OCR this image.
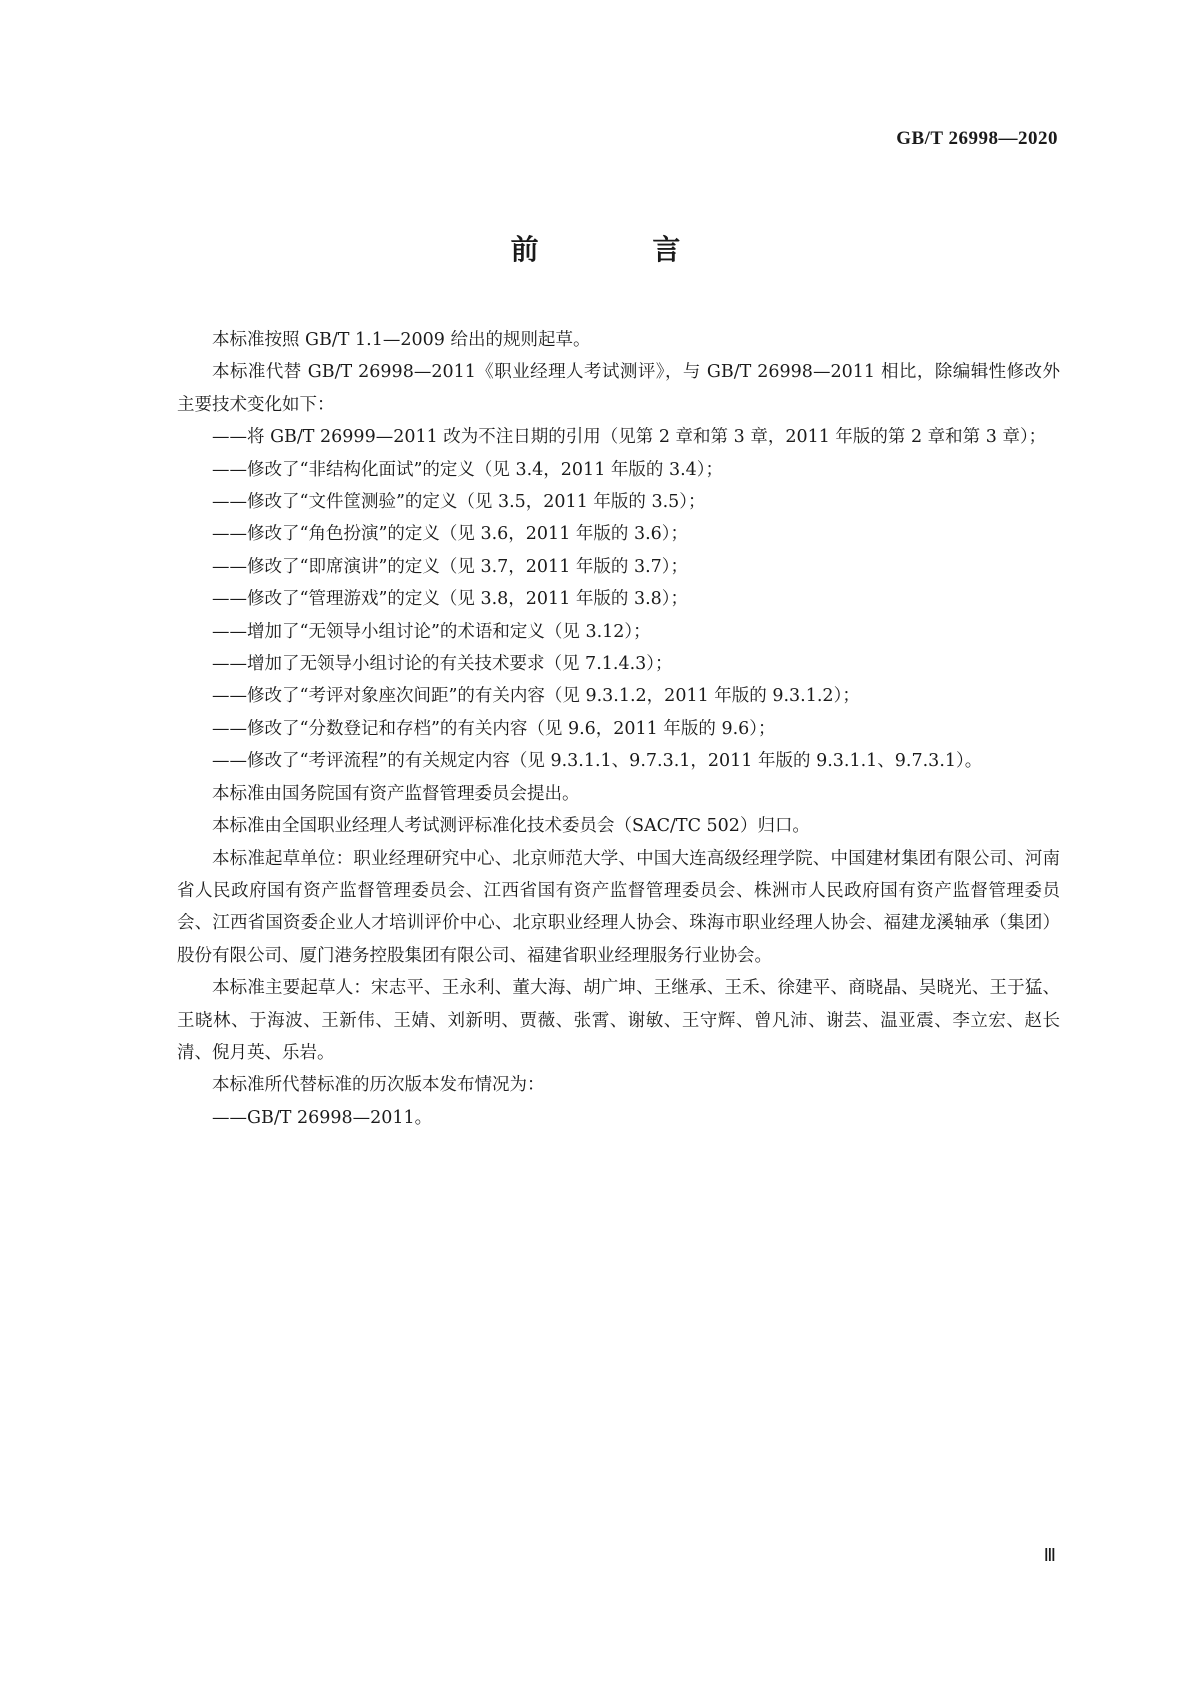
GB/T 26998—2020
前 言

本标准按照 GB/T 1.1—2009 给出的规则起草。

本标准代替 GB/T 26998—2011《职业经理人考试测评》，与 GB/T 26998—2011 相比，除编辑性修改外主要技术变化如下：

——将 GB/T 26999—2011 改为不注日期的引用（见第 2 章和第 3 章，2011 年版的第 2 章和第 3 章）；

——修改了“非结构化面试”的定义（见 3.4，2011 年版的 3.4）；

——修改了“文件筐测验”的定义（见 3.5，2011 年版的 3.5）；

——修改了“角色扮演”的定义（见 3.6，2011 年版的 3.6）；

——修改了“即席演讲”的定义（见 3.7，2011 年版的 3.7）；

——修改了“管理游戏”的定义（见 3.8，2011 年版的 3.8）；

——增加了“无领导小组讨论”的术语和定义（见 3.12）；

——增加了无领导小组讨论的有关技术要求（见 7.1.4.3）；

——修改了“考评对象座次间距”的有关内容（见 9.3.1.2，2011 年版的 9.3.1.2）；

——修改了“分数登记和存档”的有关内容（见 9.6，2011 年版的 9.6）；

——修改了“考评流程”的有关规定内容（见 9.3.1.1、9.7.3.1，2011 年版的 9.3.1.1、9.7.3.1）。

本标准由国务院国有资产监督管理委员会提出。

本标准由全国职业经理人考试测评标准化技术委员会（SAC/TC 502）归口。

本标准起草单位：职业经理研究中心、北京师范大学、中国大连高级经理学院、中国建材集团有限公司、河南省人民政府国有资产监督管理委员会、江西省国有资产监督管理委员会、株洲市人民政府国有资产监督管理委员会、江西省国资委企业人才培训评价中心、北京职业经理人协会、珠海市职业经理人协会、福建龙溪轴承（集团）股份有限公司、厦门港务控股集团有限公司、福建省职业经理服务行业协会。

本标准主要起草人：宋志平、王永利、董大海、胡广坤、王继承、王禾、徐建平、商晓晶、吴晓光、王于猛、王晓林、于海波、王新伟、王婧、刘新明、贾薇、张霄、谢敏、王守辉、曾凡沛、谢芸、温亚震、李立宏、赵长清、倪月英、乐岩。

本标准所代替标准的历次版本发布情况为：

——GB/T 26998—2011。

Ⅲ
